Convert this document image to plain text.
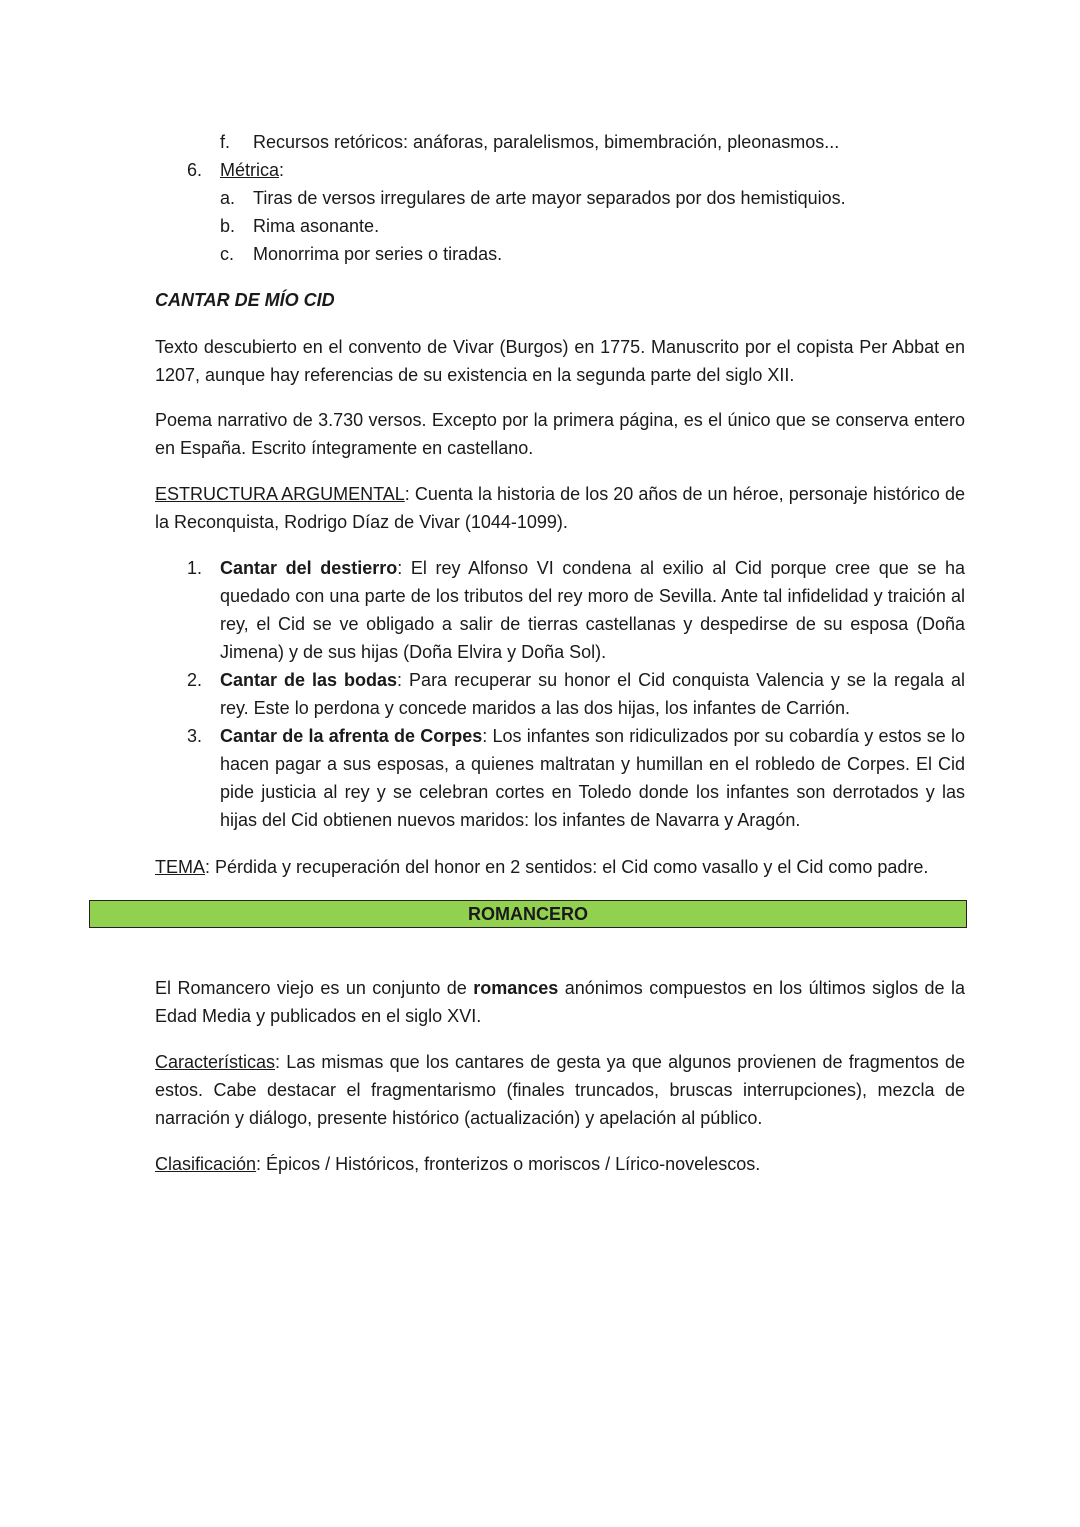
f. Recursos retóricos: anáforas, paralelismos, bimembración, pleonasmos...
6. Métrica:
a. Tiras de versos irregulares de arte mayor separados por dos hemistiquios.
b. Rima asonante.
c. Monorrima por series o tiradas.
CANTAR DE MÍO CID
Texto descubierto en el convento de Vivar (Burgos) en 1775. Manuscrito por el copista Per Abbat en 1207, aunque hay referencias de su existencia en la segunda parte del siglo XII.
Poema narrativo de 3.730 versos. Excepto por la primera página, es el único que se conserva entero en España. Escrito íntegramente en castellano.
ESTRUCTURA ARGUMENTAL: Cuenta la historia de los 20 años de un héroe, personaje histórico de la Reconquista, Rodrigo Díaz de Vivar (1044-1099).
1. Cantar del destierro: El rey Alfonso VI condena al exilio al Cid porque cree que se ha quedado con una parte de los tributos del rey moro de Sevilla. Ante tal infidelidad y traición al rey, el Cid se ve obligado a salir de tierras castellanas y despedirse de su esposa (Doña Jimena) y de sus hijas (Doña Elvira y Doña Sol).
2. Cantar de las bodas: Para recuperar su honor el Cid conquista Valencia y se la regala al rey. Este lo perdona y concede maridos a las dos hijas, los infantes de Carrión.
3. Cantar de la afrenta de Corpes: Los infantes son ridiculizados por su cobardía y estos se lo hacen pagar a sus esposas, a quienes maltratan y humillan en el robledo de Corpes. El Cid pide justicia al rey y se celebran cortes en Toledo donde los infantes son derrotados y las hijas del Cid obtienen nuevos maridos: los infantes de Navarra y Aragón.
TEMA: Pérdida y recuperación del honor en 2 sentidos: el Cid como vasallo y el Cid como padre.
ROMANCERO
El Romancero viejo es un conjunto de romances anónimos compuestos en los últimos siglos de la Edad Media y publicados en el siglo XVI.
Características: Las mismas que los cantares de gesta ya que algunos provienen de fragmentos de estos. Cabe destacar el fragmentarismo (finales truncados, bruscas interrupciones), mezcla de narración y diálogo, presente histórico (actualización) y apelación al público.
Clasificación: Épicos / Históricos, fronterizos o moriscos / Lírico-novelescos.
